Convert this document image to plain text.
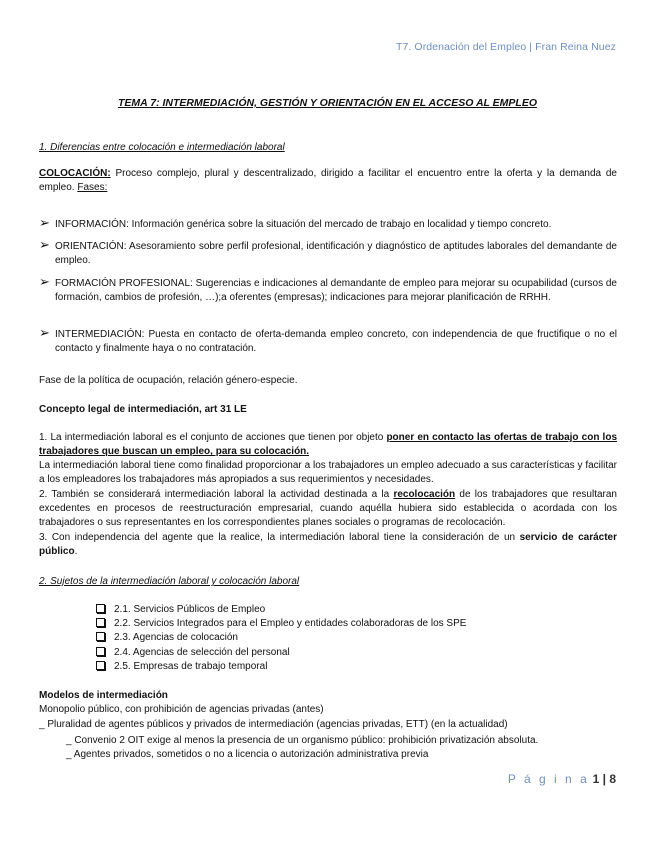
T7. Ordenación del Empleo | Fran Reina Nuez
TEMA 7: INTERMEDIACIÓN, GESTIÓN Y ORIENTACIÓN EN EL ACCESO AL EMPLEO
1. Diferencias entre colocación e intermediación laboral
COLOCACIÓN: Proceso complejo, plural y descentralizado, dirigido a facilitar el encuentro entre la oferta y la demanda de empleo. Fases:
➢ INFORMACIÓN: Información genérica sobre la situación del mercado de trabajo en localidad y tiempo concreto.
➢ ORIENTACIÓN: Asesoramiento sobre perfil profesional, identificación y diagnóstico de aptitudes laborales del demandante de empleo.
➢ FORMACIÓN PROFESIONAL: Sugerencias e indicaciones al demandante de empleo para mejorar su ocupabilidad (cursos de formación, cambios de profesión, …);a oferentes (empresas); indicaciones para mejorar planificación de RRHH.
➢ INTERMEDIACIÓN: Puesta en contacto de oferta-demanda empleo concreto, con independencia de que fructifique o no el contacto y finalmente haya o no contratación.
Fase de la política de ocupación, relación género-especie.
Concepto legal de intermediación, art 31 LE
1. La intermediación laboral es el conjunto de acciones que tienen por objeto poner en contacto las ofertas de trabajo con los trabajadores que buscan un empleo, para su colocación.
La intermediación laboral tiene como finalidad proporcionar a los trabajadores un empleo adecuado a sus características y facilitar a los empleadores los trabajadores más apropiados a sus requerimientos y necesidades.
2. También se considerará intermediación laboral la actividad destinada a la recolocación de los trabajadores que resultaran excedentes en procesos de reestructuración empresarial, cuando aquélla hubiera sido establecida o acordada con los trabajadores o sus representantes en los correspondientes planes sociales o programas de recolocación.
3. Con independencia del agente que la realice, la intermediación laboral tiene la consideración de un servicio de carácter público.
2. Sujetos de la intermediación laboral y colocación laboral
2.1. Servicios Públicos de Empleo
2.2. Servicios Integrados para el Empleo y entidades colaboradoras de los SPE
2.3. Agencias de colocación
2.4. Agencias de selección del personal
2.5. Empresas de trabajo temporal
Modelos de intermediación
Monopolio público, con prohibición de agencias privadas (antes)
_ Pluralidad de agentes públicos y privados de intermediación (agencias privadas, ETT) (en la actualidad)
_ Convenio 2 OIT exige al menos la presencia de un organismo público: prohibición privatización absoluta.
_ Agentes privados, sometidos o no a licencia o autorización administrativa previa
P á g i n a 1 | 8
